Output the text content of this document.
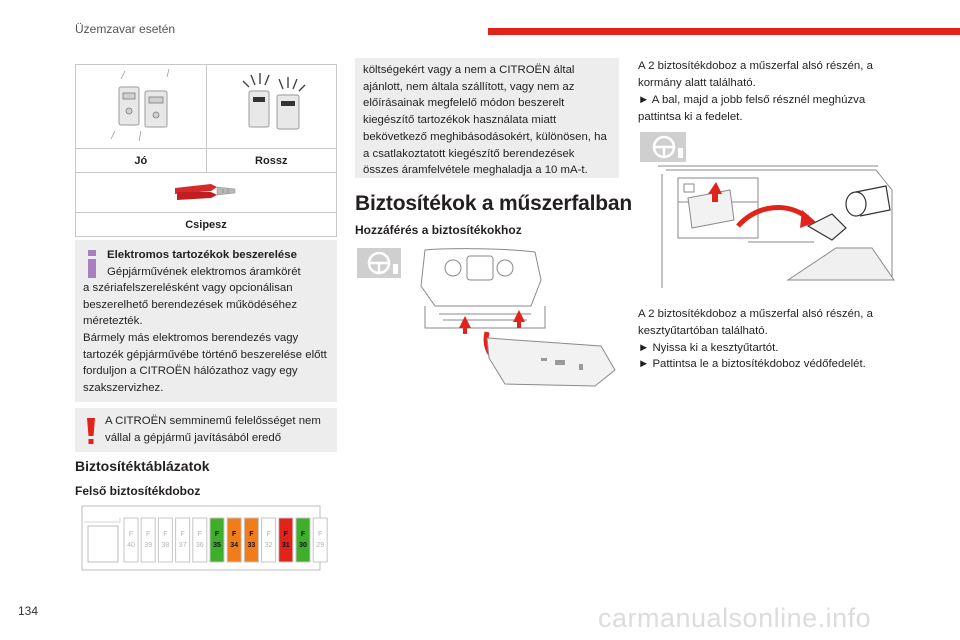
Üzemzavar esetén

Jó	Rossz

Csipesz	
Elektromos tartozékok beszerelése
Gépjárművének elektromos áramkörét
a szériafelszerelésként vagy opcionálisan beszerelhető berendezések működéséhez méretezték.
Bármely más elektromos berendezés vagy tartozék gépjárművébe történő beszerelése előtt forduljon a CITROËN hálózathoz vagy egy szakszervizhez.
A CITROËN semminemű felelősséget nem vállal a gépjármű javításából eredő
Biztosítéktáblázatok
Felső biztosítékdoboz
F
40
F
39
F
38
F
37
F
36
F
35
F
34
F
33
F
32
F
31
F
30
F
29
költségekért vagy a nem a CITROËN által ajánlott, nem általa szállított, vagy nem az előírásainak megfelelő módon beszerelt kiegészítő tartozékok használata miatt bekövetkező meghibásodásokért, különösen, ha a csatlakoztatott kiegészítő berendezések összes áramfelvétele meghaladja a 10 mA-t.
Biztosítékok a műszerfalban
Hozzáférés a biztosítékokhoz
A 2 biztosítékdoboz a műszerfal alsó részén, a kormány alatt található.
► A bal, majd a jobb felső résznél meghúzva pattintsa ki a fedelet.
A 2 biztosítékdoboz a műszerfal alsó részén, a kesztyűtartóban található.
► Nyissa ki a kesztyűtartót.
► Pattintsa le a biztosítékdoboz védőfedelét.
134	carmanualsonline.info
